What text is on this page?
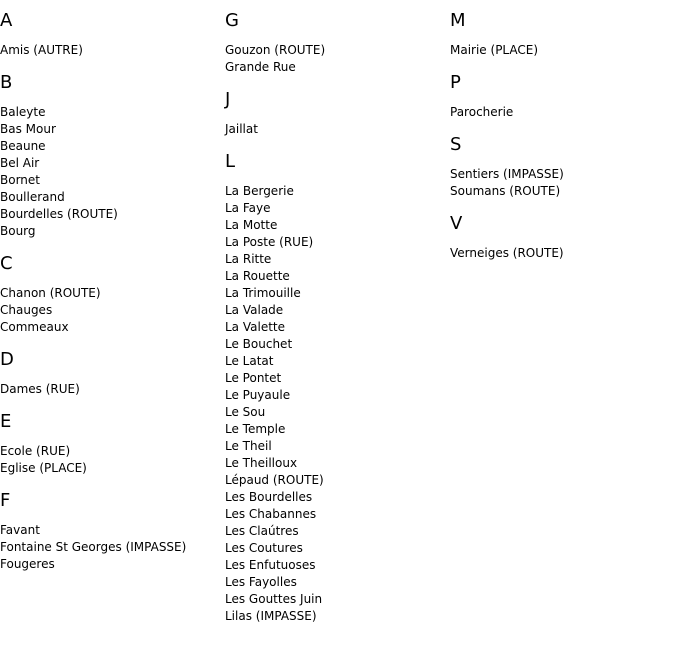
A
Amis (AUTRE)
B
Baleyte
Bas Mour
Beaune
Bel Air
Bornet
Boullerand
Bourdelles (ROUTE)
Bourg
C
Chanon (ROUTE)
Chauges
Commeaux
D
Dames (RUE)
E
Ecole (RUE)
Eglise (PLACE)
F
Favant
Fontaine St Georges (IMPASSE)
Fougeres
G
Gouzon (ROUTE)
Grande Rue
J
Jaillat
L
La Bergerie
La Faye
La Motte
La Poste (RUE)
La Ritte
La Rouette
La Trimouille
La Valade
La Valette
Le Bouchet
Le Latat
Le Pontet
Le Puyaule
Le Sou
Le Temple
Le Theil
Le Theilloux
Lépaud (ROUTE)
Les Bourdelles
Les Chabannes
Les Claútres
Les Coutures
Les Enfutuoses
Les Fayolles
Les Gouttes Juin
Lilas (IMPASSE)
M
Mairie (PLACE)
P
Parocherie
S
Sentiers (IMPASSE)
Soumans (ROUTE)
V
Verneiges (ROUTE)
